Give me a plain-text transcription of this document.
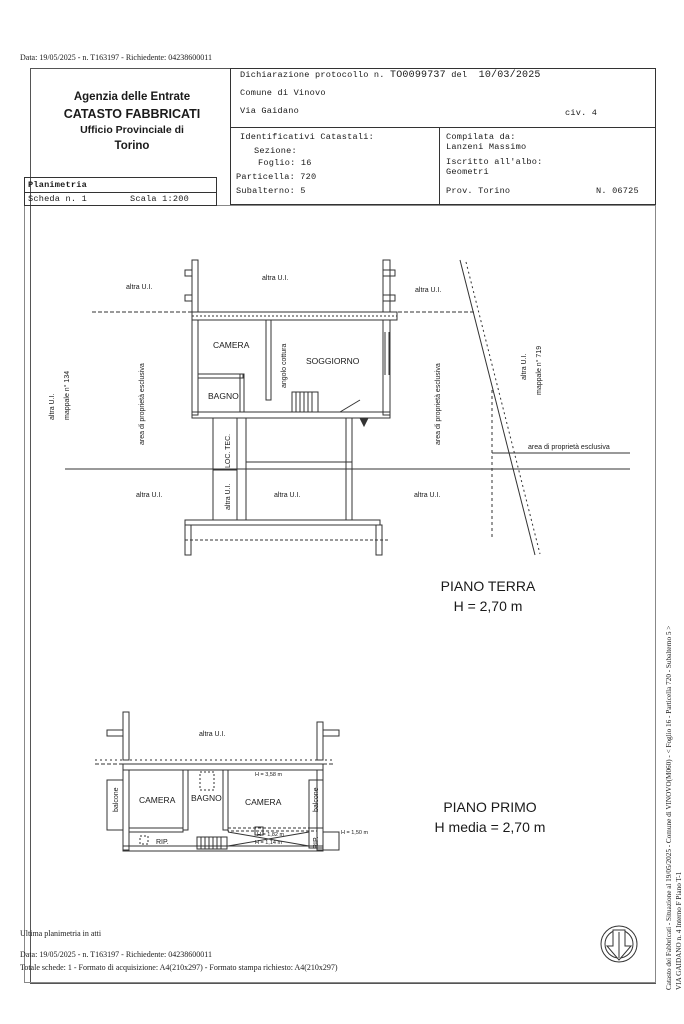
Data: 19/05/2025 - n. T163197 - Richiedente: 04238600011
Agenzia delle Entrate
CATASTO FABBRICATI
Ufficio Provinciale di
Torino
Dichiarazione protocollo n. TO0099737 del 10/03/2025
Comune di Vinovo
Via Gaidano	civ. 4
Identificativi Catastali:
Sezione:
Foglio: 16
Particella: 720
Subalterno: 5
Compilata da:
Lanzeni Massimo
Iscritto all'albo:
Geometri
Prov. Torino	N. 06725
Planimetria
Scheda n. 1	Scala 1:200
altra U.I.
altra U.I.
altra U.I.
CAMERA
BAGNO
SOGGIORNO
angolo cottura
LOC. TEC.
altra U.I.
area di proprietà esclusiva	area di proprietà esclusiva
area di proprietà esclusiva
altra U.I. mappale n° 134
altra U.I. mappale n° 719
altra U.I.	altra U.I.	altra U.I.
PIANO TERRA
H = 2,70 m
altra U.I.
CAMERA BAGNO	CAMERA
balcone	balcone
RIP.	RIP.
H = 3,58 m
H = 1,82 m	H = 1,50 m
H = 1,14 m
PIANO PRIMO
H media = 2,70 m	Catasto dei Fabbricati - Situazione al 19/05/2025 - Comune di VINOVO(M060) - < Foglio 16 - Particella 720 - Subalterno 5 > VIA GAIDANO n. 4 Interno F Piano T-1
Ultima planimetria in atti
Data: 19/05/2025 - n. T163197 - Richiedente: 04238600011
Totale schede: 1 - Formato di acquisizione: A4(210x297) - Formato stampa richiesto: A4(210x297)
